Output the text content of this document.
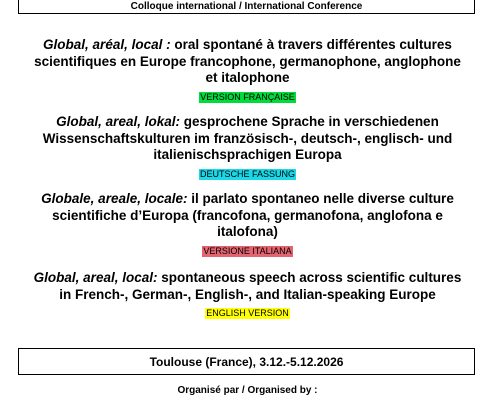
Colloque international / International Conference

Global, aréal, local : oral spontané à travers différentes cultures scientifiques en Europe francophone, germanophone, anglophone et italophone

VERSION FRANÇAISE

Global, areal, lokal: gesprochene Sprache in verschiedenen Wissenschaftskulturen im französisch-, deutsch-, englisch- und italienischsprachigen Europa

DEUTSCHE FASSUNG

Globale, areale, locale: il parlato spontaneo nelle diverse culture scientifiche d’Europa (francofona, germanofona, anglofona e italofona)

VERSIONE ITALIANA

Global, areal, local: spontaneous speech across scientific cultures in French-, German-, English-, and Italian-speaking Europe

ENGLISH VERSION
Toulouse (France), 3.12.-5.12.2026
Organisé par / Organised by :
